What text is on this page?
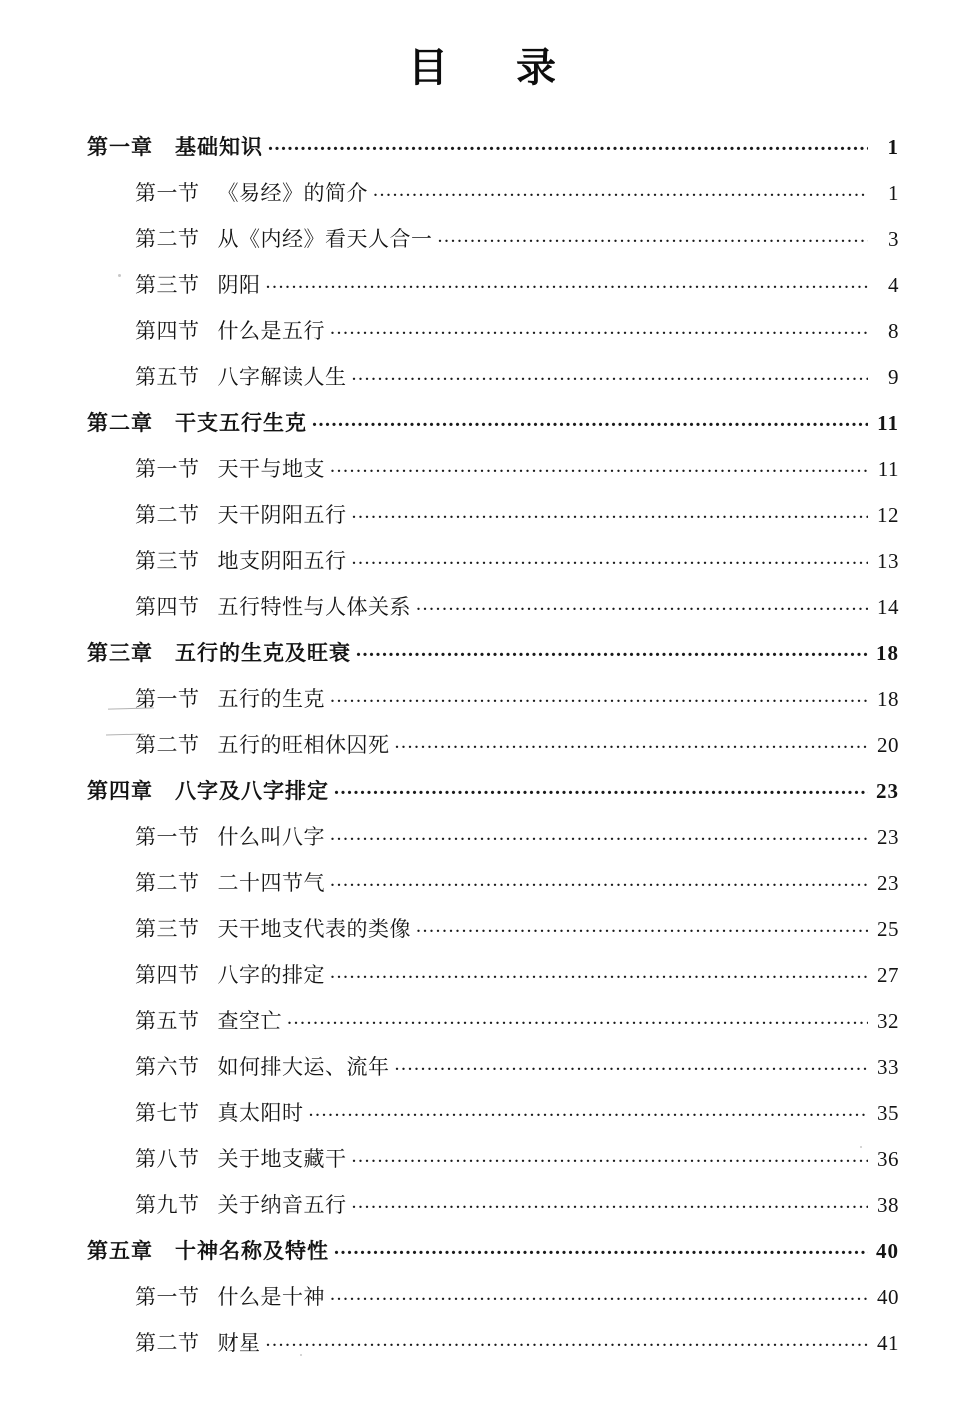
目　录
第一章 基础知识 .....	1
第一节 《易经》的简介 .....	1
第二节 从《内经》看天人合一 .....	3
第三节 阴阳 .....	4
第四节 什么是五行 .....	8
第五节 八字解读人生 .....	9
第二章 干支五行生克 .....	11
第一节 天干与地支 .....	11
第二节 天干阴阳五行 .....	12
第三节 地支阴阳五行 .....	13
第四节 五行特性与人体关系 .....	14
第三章 五行的生克及旺衰 .....	18
第一节 五行的生克 .....	18
第二节 五行的旺相休囚死 .....	20
第四章 八字及八字排定 .....	23
第一节 什么叫八字 .....	23
第二节 二十四节气 .....	23
第三节 天干地支代表的类像 .....	25
第四节 八字的排定 .....	27
第五节 查空亡 .....	32
第六节 如何排大运、流年 .....	33
第七节 真太阳时 .....	35
第八节 关于地支藏干 .....	36
第九节 关于纳音五行 .....	38
第五章 十神名称及特性 .....	40
第一节 什么是十神 .....	40
第二节 财星 .....	41
